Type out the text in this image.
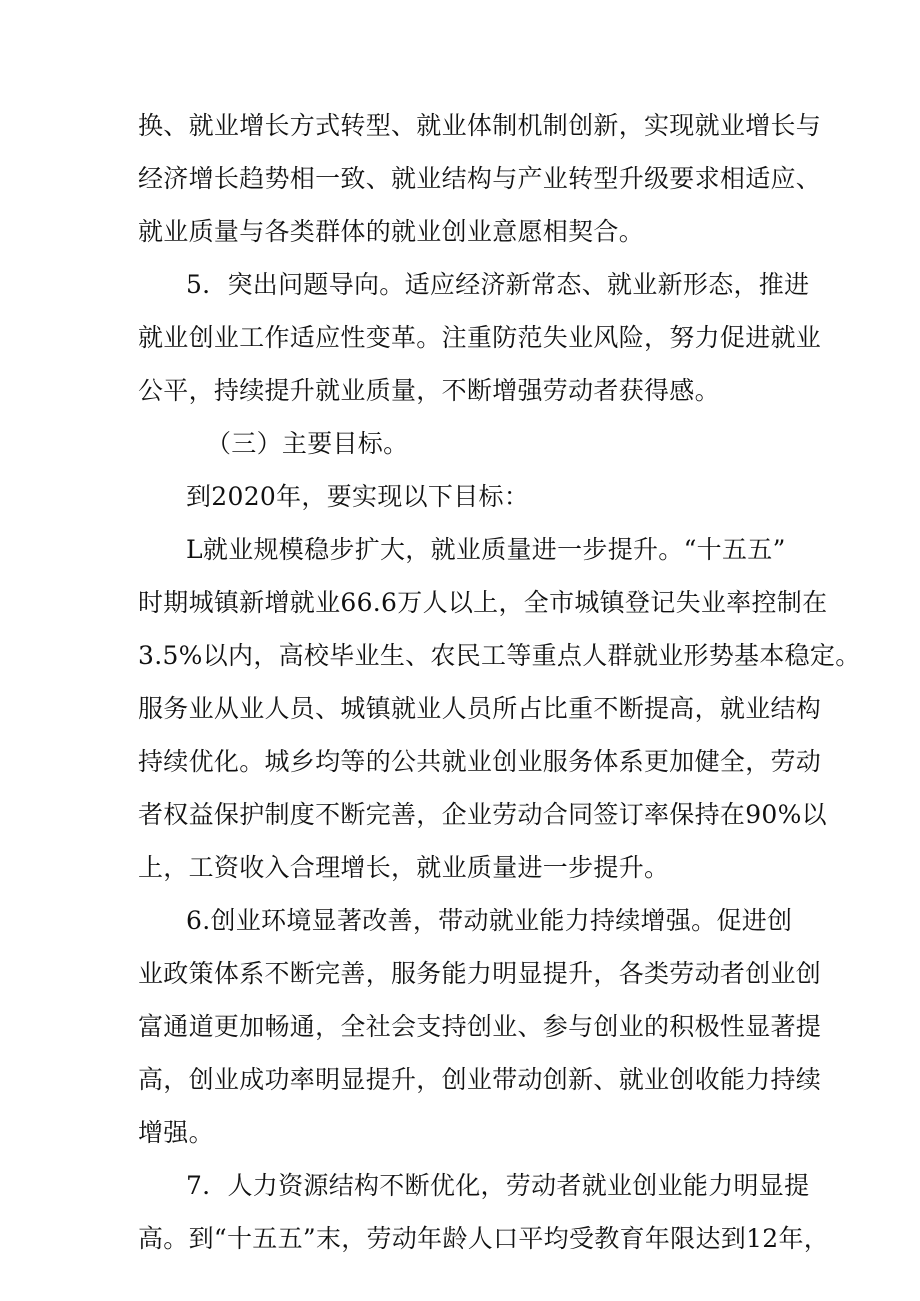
换、就业增长方式转型、就业体制机制创新，实现就业增长与
经济增长趋势相一致、就业结构与产业转型升级要求相适应、
就业质量与各类群体的就业创业意愿相契合。
5．突出问题导向。适应经济新常态、就业新形态，推进
就业创业工作适应性变革。注重防范失业风险，努力促进就业
公平，持续提升就业质量，不断增强劳动者获得感。
（三）主要目标。
到2020年，要实现以下目标：
L就业规模稳步扩大，就业质量进一步提升。“十五五”
时期城镇新增就业66.6万人以上，全市城镇登记失业率控制在
3.5%以内，高校毕业生、农民工等重点人群就业形势基本稳定。
服务业从业人员、城镇就业人员所占比重不断提高，就业结构
持续优化。城乡均等的公共就业创业服务体系更加健全，劳动
者权益保护制度不断完善，企业劳动合同签订率保持在90%以
上，工资收入合理增长，就业质量进一步提升。
6.创业环境显著改善，带动就业能力持续增强。促进创
业政策体系不断完善，服务能力明显提升，各类劳动者创业创
富通道更加畅通，全社会支持创业、参与创业的积极性显著提
高，创业成功率明显提升，创业带动创新、就业创收能力持续
增强。
7．人力资源结构不断优化，劳动者就业创业能力明显提
高。到“十五五”末，劳动年龄人口平均受教育年限达到12年，
